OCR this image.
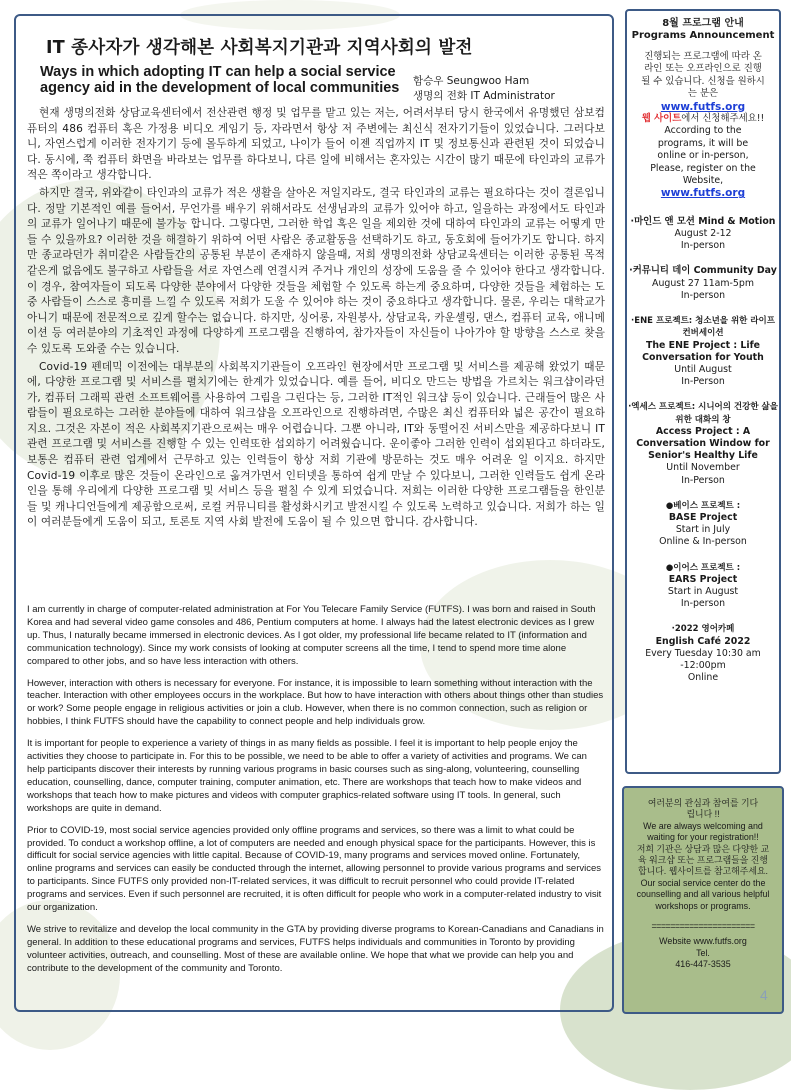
IT 종사자가 생각해본 사회복지기관과 지역사회의 발전
Ways in which adopting IT can help a social service agency aid in the development of local communities 함승우 Seungwoo Ham
생명의 전화 IT Administrator

현재 생명의전화 상담교육센터에서 전산관련 행정 및 업무를 맡고 있는 저는, 어려서부터 당시 한국에서 유명했던 삼보컴퓨터의 486 컴퓨터 혹은 가정용 비디오 게임기 등, 자라면서 항상 저 주변에는 최신식 전자기기들이 있었습니다. 그러다보니, 자연스럽게 이러한 전자기기 등에 몰두하게 되었고, 나이가 들어 이젠 직업까지 IT 및 정보통신과 관련된 것이 되었습니다. 동시에, 쭉 컴퓨터 화면을 바라보는 업무를 하다보니, 다른 일에 비해서는 혼자있는 시간이 많기 때문에 타인과의 교류가 적은 쪽이라고 생각합니다.

하지만 결국, 위와같이 타인과의 교류가 적은 생활을 살아온 저일지라도, 결국 타인과의 교류는 필요하다는 것이 결론입니다. 정말 기본적인 예를 들어서, 무언가를 배우기 위해서라도 선생님과의 교류가 있어야 하고, 일을하는 과정에서도 타인과의 교류가 일어나기 때문에 불가능 합니다. 그렇다면, 그러한 학업 혹은 일을 제외한 것에 대하여 타인과의 교류는 어떻게 만들 수 있을까요? 이러한 것을 해결하기 위하여 어떤 사람은 종교활동을 선택하기도 하고, 동호회에 들어가기도 합니다. 하지만 종교라던가 취미같은 사람들간의 공통된 부분이 존재하지 않을때, 저희 생명의전화 상담교육센터는 이러한 공통된 목적 같은게 없음에도 불구하고 사람들을 서로 자연스레 연결시켜 주거나 개인의 성장에 도움을 줄 수 있어야 한다고 생각합니다. 이 경우, 참여자들이 되도록 다양한 분야에서 다양한 것들을 체험할 수 있도록 하는게 중요하며, 다양한 것들을 체험하는 도중 사람들이 스스로 흥미를 느낄 수 있도록 저희가 도울 수 있어야 하는 것이 중요하다고 생각합니다. 물론, 우리는 대학교가 아니기 때문에 전문적으로 깊게 할수는 없습니다. 하지만, 싱어롱, 자원봉사, 상담교육, 카운셀링, 댄스, 컴퓨터 교육, 애니메이션 등 여러분야의 기초적인 과정에 다양하게 프로그램을 진행하여, 참가자들이 자신들이 나아가야 할 방향을 스스로 찾을 수 있도록 도와줄 수는 있습니다.

Covid-19 펜데믹 이전에는 대부분의 사회복지기관들이 오프라인 현장에서만 프로그램 및 서비스를 제공해 왔었기 때문에, 다양한 프로그램 및 서비스를 펼치기에는 한계가 있었습니다. 예를 들어, 비디오 만드는 방법을 가르치는 워크샵이라던가, 컴퓨터 그래픽 관련 소프트웨어를 사용하여 그림을 그린다는 등, 그러한 IT적인 워크샵 등이 있습니다. 근래들어 많은 사람들이 필요로하는 그러한 분야들에 대하여 워크샵을 오프라인으로 진행하려면, 수많은 최신 컴퓨터와 넓은 공간이 필요하지요. 그것은 자본이 적은 사회복지기관으로써는 매우 어렵습니다. 그뿐 아니라, IT와 동떨어진 서비스만을 제공하다보니 IT관련 프로그램 및 서비스를 진행할 수 있는 인력또한 섭외하기 어려웠습니다. 운이좋아 그러한 인력이 섭외된다고 하더라도, 보통은 컴퓨터 관련 업계에서 근무하고 있는 인력들이 항상 저희 기관에 방문하는 것도 매우 어려운 일 이지요. 하지만 Covid-19 이후로 많은 것들이 온라인으로 옮겨가면서 인터넷을 통하여 쉽게 만날 수 있다보니, 그러한 인력들도 쉽게 온라인을 통해 우리에게 다양한 프로그램 및 서비스 등을 펼칠 수 있게 되었습니다. 저희는 이러한 다양한 프로그램들을 한인분들 및 캐나디언들에게 제공함으로써, 로컬 커뮤니티를 활성화시키고 발전시킬 수 있도록 노력하고 있습니다. 저희가 하는 일이 여러분들에게 도움이 되고, 토론토 지역 사회 발전에 도움이 될 수 있으면 합니다. 감사합니다.

I am currently in charge of computer-related administration at For You Telecare Family Service (FUTFS). I was born and raised in South Korea and had several video game consoles and 486, Pentium computers at home. I always had the latest electronic devices as I grew up. Thus, I naturally became immersed in electronic devices. As I got older, my professional life became related to IT (information and communication technology). Since my work consists of looking at computer screens all the time, I tend to spend more time alone compared to other jobs, and so have less interaction with others.

However, interaction with others is necessary for everyone. For instance, it is impossible to learn something without interaction with the teacher. Interaction with other employees occurs in the workplace. But how to have interaction with others about things other than studies or work? Some people engage in religious activities or join a club. However, when there is no common connection, such as religion or hobbies, I think FUTFS should have the capability to connect people and help individuals grow.

It is important for people to experience a variety of things in as many fields as possible. I feel it is important to help people enjoy the activities they choose to participate in. For this to be possible, we need to be able to offer a variety of activities and programs. We can help participants discover their interests by running various programs in basic courses such as sing-along, volunteering, counselling education, counselling, dance, computer training, computer animation, etc. There are workshops that teach how to make videos and workshops that teach how to make pictures and videos with computer graphics-related software using IT tools. In general, such workshops are quite in demand.

Prior to COVID-19, most social service agencies provided only offline programs and services, so there was a limit to what could be provided. To conduct a workshop offline, a lot of computers are needed and enough physical space for the participants. However, this is difficult for social service agencies with little capital. Because of COVID-19, many programs and services moved online. Fortunately, online programs and services can easily be conducted through the internet, allowing personnel to provide various programs and services to participants. Since FUTFS only provided non-IT-related services, it was difficult to recruit personnel who could provide IT-related programs and services. Even if such personnel are recruited, it is often difficult for people who work in a computer-related industry to visit our organization.

We strive to revitalize and develop the local community in the GTA by providing diverse programs to Korean-Canadians and Canadians in general. In addition to these educational programs and services, FUTFS helps individuals and communities in Toronto by providing volunteer activities, outreach, and counselling. Most of these are available online. We hope that what we provide can help you and contribute to the development of the community and Toronto.

8월 프로그램 안내
Programs Announcement
진행되는 프로그램에 따라 온라인 또는 오프라인으로 진행될 수 있습니다. 신청을 원하시는 분은
www.futfs.org
웹 사이트에서 신청해주세요!!
According to the programs, it will be online or in-person, Please, register on the Website,
www.futfs.org
·마인드 앤 모션 Mind & Motion
August 2-12
In-person
·커뮤니티 데이 Community Day
August 27 11am-5pm
In-person
·ENE 프로젝트: 청소년을 위한 라이프 컨버세이션
The ENE Project : Life Conversation for Youth
Until August
In-Person
·엑세스 프로젝트: 시니어의 건강한 삶을 위한 대화의 창
Access Project : A Conversation Window for Senior's Healthy Life
Until November
In-Person
●베이스 프로젝트 :
BASE Project
Start in July
Online & In-person
●이어스 프로젝트 :
EARS Project
Start in August
In-person
·2022 영어카페
English Café 2022
Every Tuesday 10:30 am -12:00pm
Online
여러분의 관심과 참여를 기다립니다 !!
We are always welcoming and waiting for your registration!!
저희 기관은 상담과 많은 다양한 교육 워크샵 또는 프로그램들을 진행합니다. 웹사이트를 참고해주세요.
Our social service center do the counselling and all various helpful workshops or programs.
======================
Website www.futfs.org
Tel.
416-447-3535
4
